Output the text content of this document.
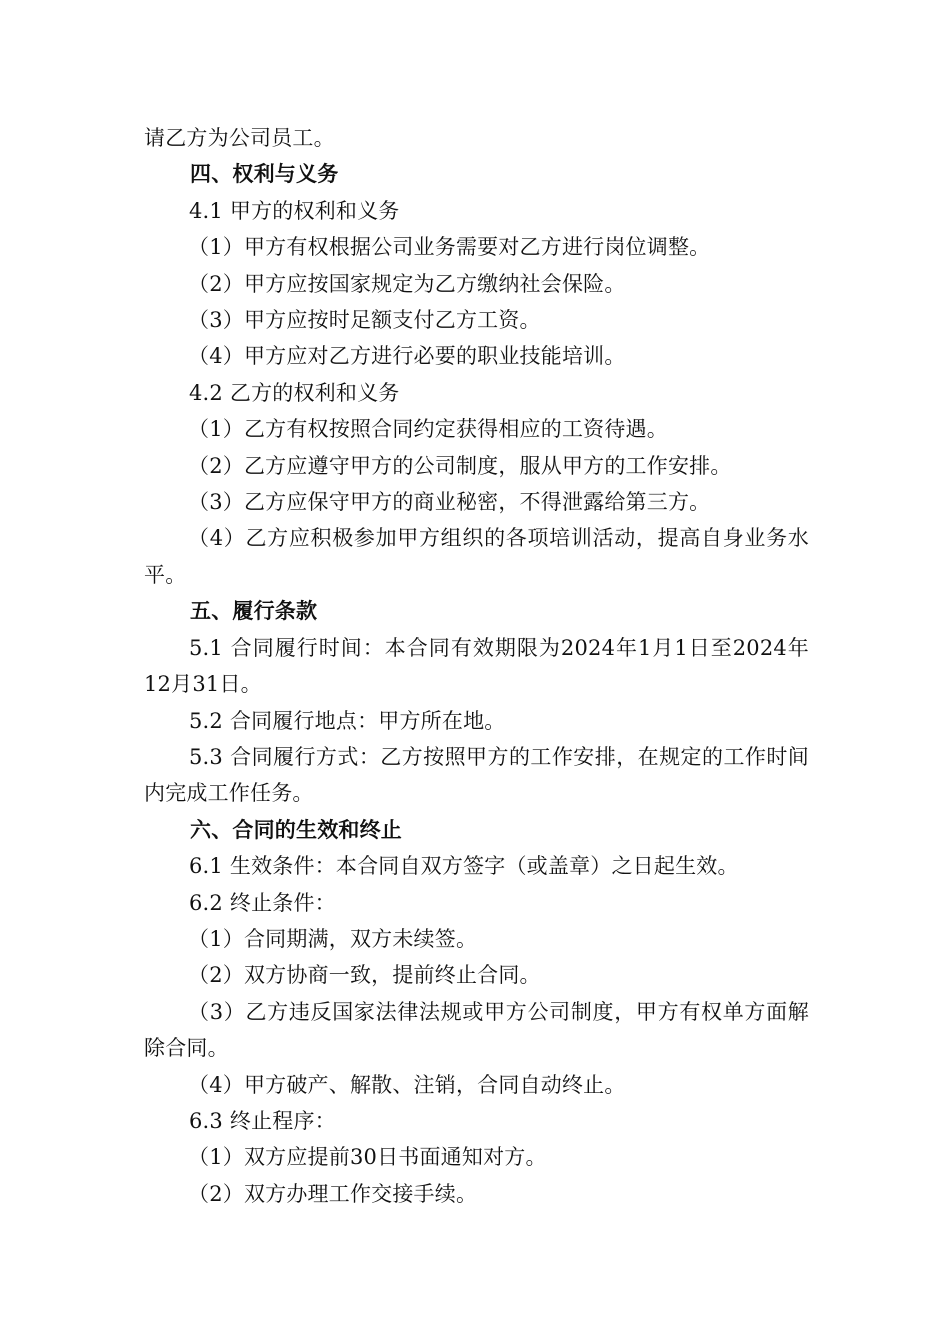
请乙方为公司员工。
四、权利与义务
4.1 甲方的权利和义务
（1）甲方有权根据公司业务需要对乙方进行岗位调整。
（2）甲方应按国家规定为乙方缴纳社会保险。
（3）甲方应按时足额支付乙方工资。
（4）甲方应对乙方进行必要的职业技能培训。
4.2 乙方的权利和义务
（1）乙方有权按照合同约定获得相应的工资待遇。
（2）乙方应遵守甲方的公司制度，服从甲方的工作安排。
（3）乙方应保守甲方的商业秘密，不得泄露给第三方。
（4）乙方应积极参加甲方组织的各项培训活动，提高自身业务水平。
五、履行条款
5.1 合同履行时间：本合同有效期限为2024年1月1日至2024年12月31日。
5.2 合同履行地点：甲方所在地。
5.3 合同履行方式：乙方按照甲方的工作安排，在规定的工作时间内完成工作任务。
六、合同的生效和终止
6.1 生效条件：本合同自双方签字（或盖章）之日起生效。
6.2 终止条件：
（1）合同期满，双方未续签。
（2）双方协商一致，提前终止合同。
（3）乙方违反国家法律法规或甲方公司制度，甲方有权单方面解除合同。
（4）甲方破产、解散、注销，合同自动终止。
6.3 终止程序：
（1）双方应提前30日书面通知对方。
（2）双方办理工作交接手续。
